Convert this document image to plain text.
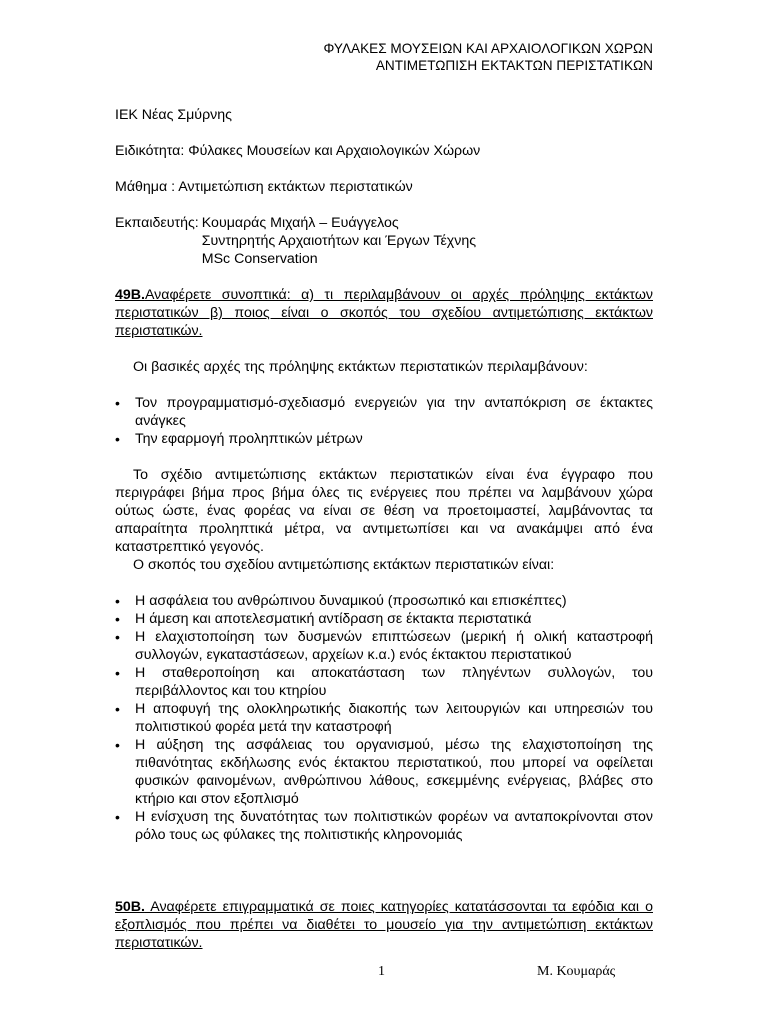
ΦΥΛΑΚΕΣ ΜΟΥΣΕΙΩΝ ΚΑΙ ΑΡΧΑΙΟΛΟΓΙΚΩΝ ΧΩΡΩΝ
ΑΝΤΙΜΕΤΩΠΙΣΗ ΕΚΤΑΚΤΩΝ ΠΕΡΙΣΤΑΤΙΚΩΝ
ΙΕΚ Νέας Σμύρνης
Ειδικότητα: Φύλακες Μουσείων και Αρχαιολογικών Χώρων
Μάθημα : Αντιμετώπιση εκτάκτων περιστατικών
Εκπαιδευτής: Κουμαράς Μιχαήλ – Ευάγγελος
Συντηρητής Αρχαιοτήτων και Έργων Τέχνης
MSc Conservation
49Β.Αναφέρετε συνοπτικά: α) τι περιλαμβάνουν οι αρχές πρόληψης εκτάκτων περιστατικών β) ποιος είναι ο σκοπός του σχεδίου αντιμετώπισης εκτάκτων περιστατικών.

Οι βασικές αρχές της πρόληψης εκτάκτων περιστατικών περιλαμβάνουν:

• Τον προγραμματισμό-σχεδιασμό ενεργειών για την ανταπόκριση σε έκτακτες ανάγκες
• Την εφαρμογή προληπτικών μέτρων

Το σχέδιο αντιμετώπισης εκτάκτων περιστατικών είναι ένα έγγραφο που περιγράφει βήμα προς βήμα όλες τις ενέργειες που πρέπει να λαμβάνουν χώρα ούτως ώστε, ένας φορέας να είναι σε θέση να προετοιμαστεί, λαμβάνοντας τα απαραίτητα προληπτικά μέτρα, να αντιμετωπίσει και να ανακάμψει από ένα καταστρεπτικό γεγονός.

Ο σκοπός του σχεδίου αντιμετώπισης εκτάκτων περιστατικών είναι:

• Η ασφάλεια του ανθρώπινου δυναμικού (προσωπικό και επισκέπτες)
• Η άμεση και αποτελεσματική αντίδραση σε έκτακτα περιστατικά
• Η ελαχιστοποίηση των δυσμενών επιπτώσεων (μερική ή ολική καταστροφή συλλογών, εγκαταστάσεων, αρχείων κ.α.) ενός έκτακτου περιστατικού
• Η σταθεροποίηση και αποκατάσταση των πληγέντων συλλογών, του περιβάλλοντος και του κτηρίου
• Η αποφυγή της ολοκληρωτικής διακοπής των λειτουργιών και υπηρεσιών του πολιτιστικού φορέα μετά την καταστροφή
• Η αύξηση της ασφάλειας του οργανισμού, μέσω της ελαχιστοποίηση της πιθανότητας εκδήλωσης ενός έκτακτου περιστατικού, που μπορεί να οφείλεται φυσικών φαινομένων, ανθρώπινου λάθους, εσκεμμένης ενέργειας, βλάβες στο κτήριο και στον εξοπλισμό
• Η ενίσχυση της δυνατότητας των πολιτιστικών φορέων να ανταποκρίνονται στον ρόλο τους ως φύλακες της πολιτιστικής κληρονομιάς
50Β. Αναφέρετε επιγραμματικά σε ποιες κατηγορίες κατατάσσονται τα εφόδια και ο εξοπλισμός που πρέπει να διαθέτει το μουσείο για την αντιμετώπιση εκτάκτων περιστατικών.
1	Μ. Κουμαράς
